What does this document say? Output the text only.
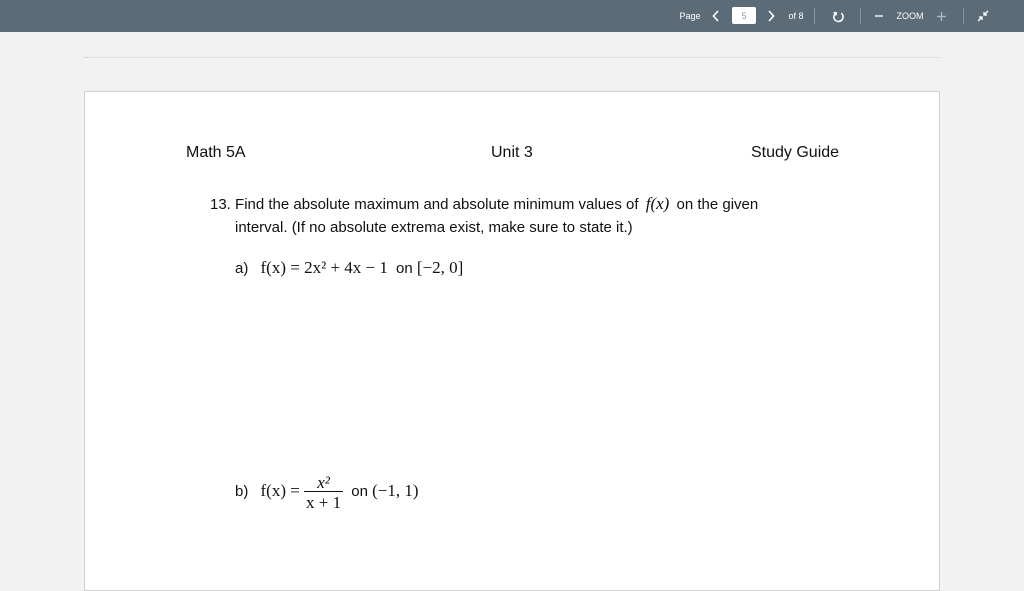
Page	5	of 8	ZOOM
Math 5A	Unit 3	Study Guide
13. Find the absolute maximum and absolute minimum values of f(x) on the given
interval. (If no absolute extrema exist, make sure to state it.)
a) f(x) = 2x² + 4x − 1 on [−2, 0]
b) $f(x) = \frac{\text{x²}}{x + 1}$ on (−1, 1)
